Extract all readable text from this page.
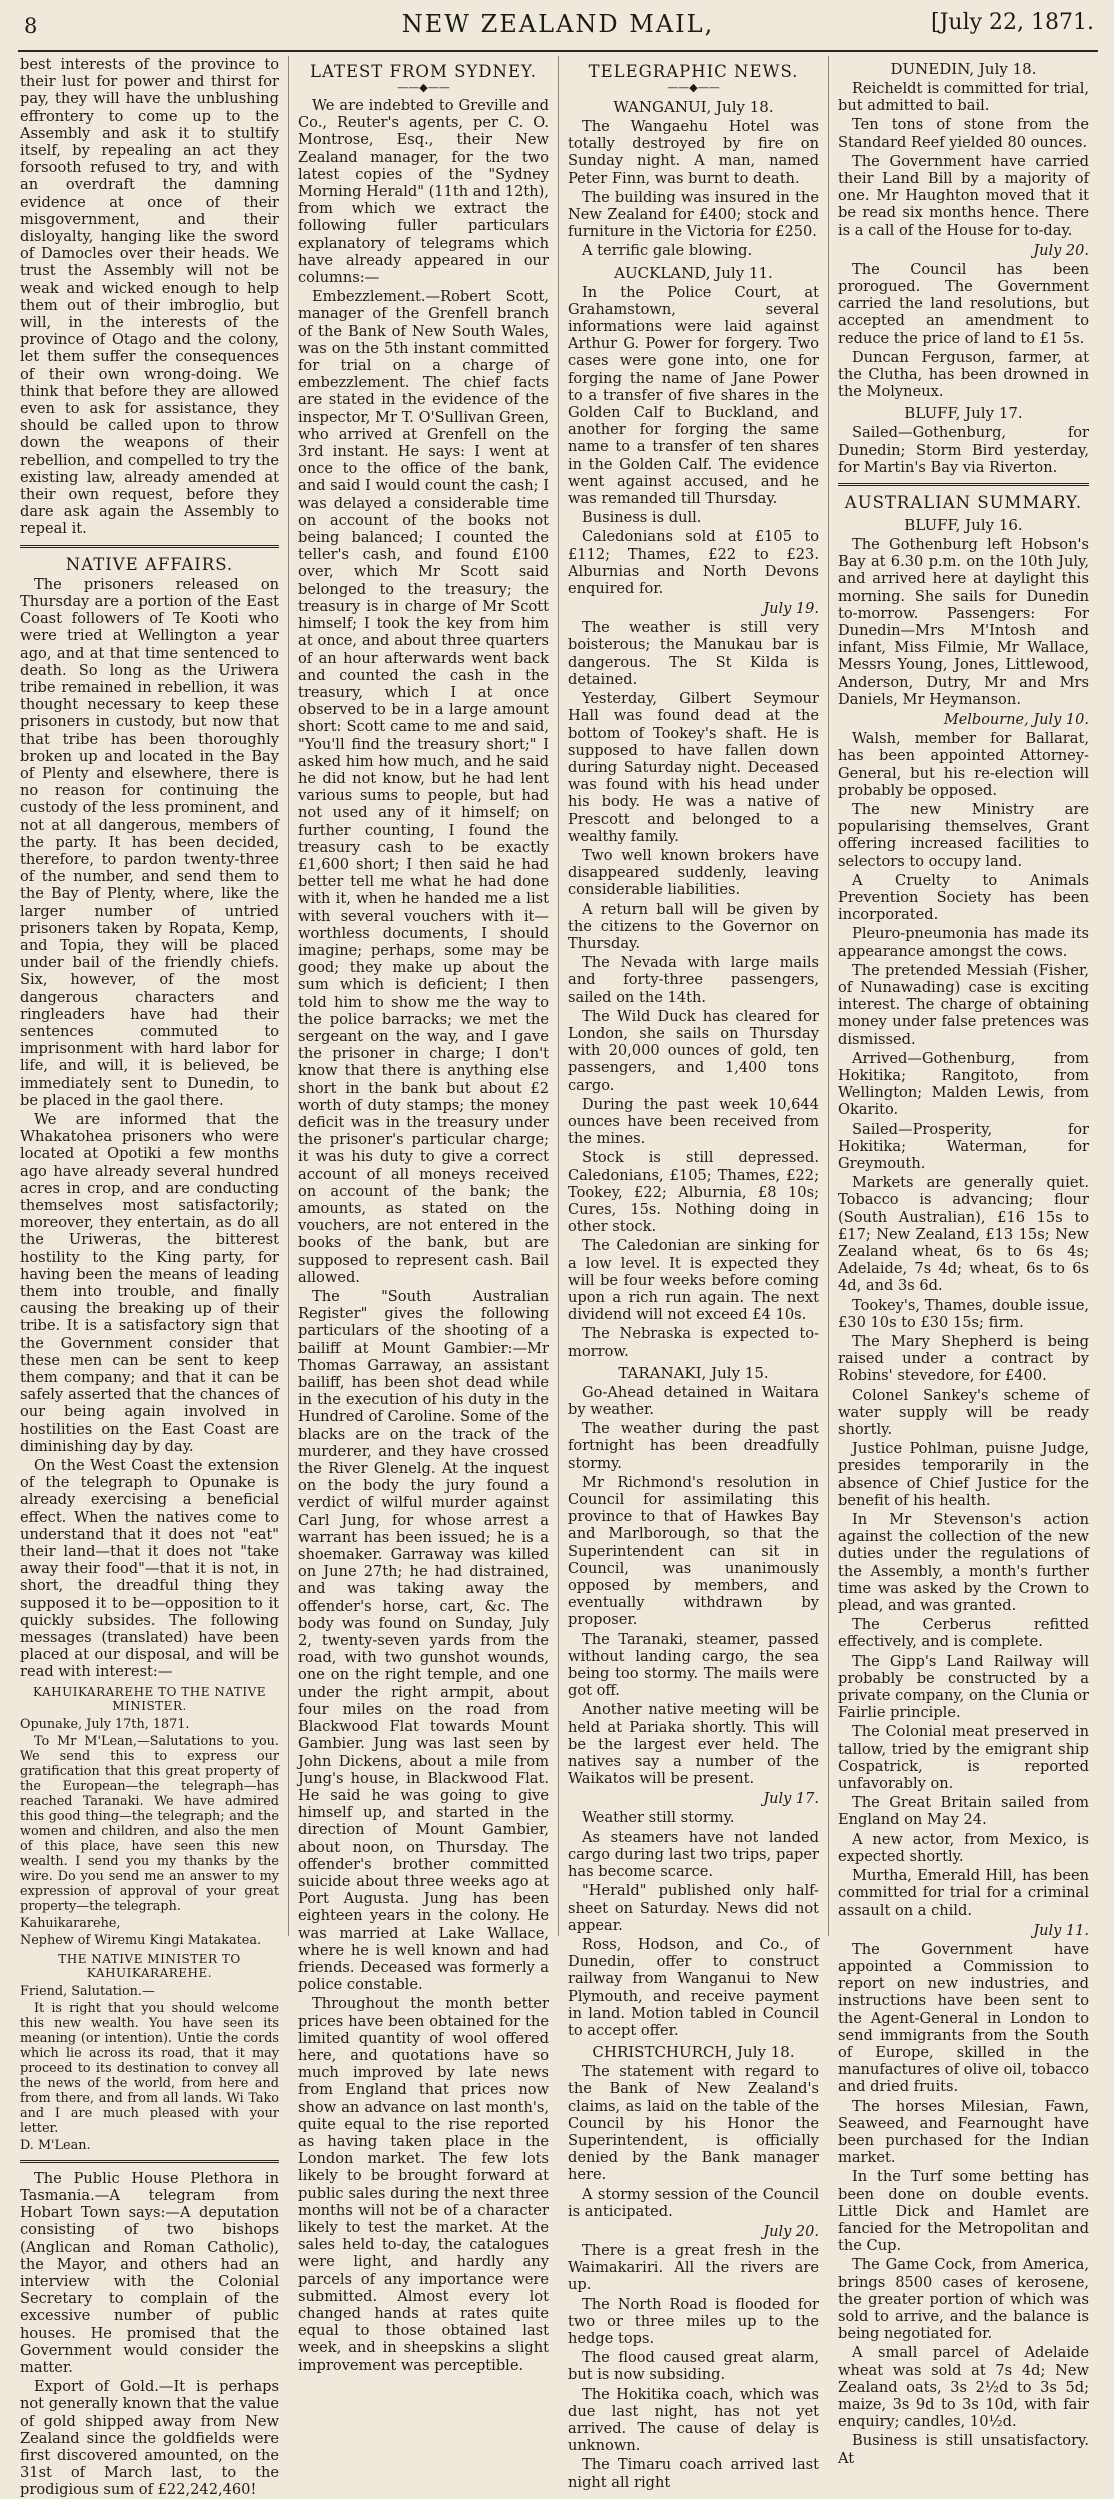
8	NEW ZEALAND MAIL,	[July 22, 1871.

best interests of the province to their lust for power and thirst for pay, they will have the unblushing effrontery to come up to the Assembly and ask it to stultify itself, by repealing an act they forsooth refused to try, and with an overdraft the damning evidence at once of their misgovernment, and their disloyalty, hanging like the sword of Damocles over their heads. We trust the Assembly will not be weak and wicked enough to help them out of their imbroglio, but will, in the interests of the province of Otago and the colony, let them suffer the consequences of their own wrong-doing. We think that before they are allowed even to ask for assistance, they should be called upon to throw down the weapons of their rebellion, and compelled to try the existing law, already amended at their own request, before they dare ask again the Assembly to repeal it.

NATIVE AFFAIRS.

The prisoners released on Thursday are a portion of the East Coast followers of Te Kooti who were tried at Wellington a year ago, and at that time sentenced to death. So long as the Uriwera tribe remained in rebellion, it was thought necessary to keep these prisoners in custody, but now that that tribe has been thoroughly broken up and located in the Bay of Plenty and elsewhere, there is no reason for continuing the custody of the less prominent, and not at all dangerous, members of the party. It has been decided, therefore, to pardon twenty-three of the number, and send them to the Bay of Plenty, where, like the larger number of untried prisoners taken by Ropata, Kemp, and Topia, they will be placed under bail of the friendly chiefs. Six, however, of the most dangerous characters and ringleaders have had their sentences commuted to imprisonment with hard labor for life, and will, it is believed, be immediately sent to Dunedin, to be placed in the gaol there.

We are informed that the Whakatohea prisoners who were located at Opotiki a few months ago have already several hundred acres in crop, and are conducting themselves most satisfactorily; moreover, they entertain, as do all the Uriweras, the bitterest hostility to the King party, for having been the means of leading them into trouble, and finally causing the breaking up of their tribe. It is a satisfactory sign that the Government consider that these men can be sent to keep them company; and that it can be safely asserted that the chances of our being again involved in hostilities on the East Coast are diminishing day by day.

On the West Coast the extension of the telegraph to Opunake is already exercising a beneficial effect. When the natives come to understand that it does not "eat" their land—that it does not "take away their food"—that it is not, in short, the dreadful thing they supposed it to be—opposition to it quickly subsides. The following messages (translated) have been placed at our disposal, and will be read with interest:—

KAHUIKARAREHE TO THE NATIVE MINISTER.

Opunake, July 17th, 1871.

To Mr M'Lean,—Salutations to you. We send this to express our gratification that this great property of the European—the telegraph—has reached Taranaki. We have admired this good thing—the telegraph; and the women and children, and also the men of this place, have seen this new wealth. I send you my thanks by the wire. Do you send me an answer to my expression of approval of your great property—the telegraph.

Kahuikararehe,

Nephew of Wiremu Kingi Matakatea.

THE NATIVE MINISTER TO KAHUIKARAREHE.

Friend, Salutation.—

It is right that you should welcome this new wealth. You have seen its meaning (or intention). Untie the cords which lie across its road, that it may proceed to its destination to convey all the news of the world, from here and from there, and from all lands. Wi Tako and I are much pleased with your letter.

D. M'Lean.

The Public House Plethora in Tasmania.—A telegram from Hobart Town says:—A deputation consisting of two bishops (Anglican and Roman Catholic), the Mayor, and others had an interview with the Colonial Secretary to complain of the excessive number of public houses. He promised that the Government would consider the matter.

Export of Gold.—It is perhaps not generally known that the value of gold shipped away from New Zealand since the goldfields were first discovered amounted, on the 31st of March last, to the prodigious sum of £22,242,460!

LATEST FROM SYDNEY.
——◆——

We are indebted to Greville and Co., Reuter's agents, per C. O. Montrose, Esq., their New Zealand manager, for the two latest copies of the "Sydney Morning Herald" (11th and 12th), from which we extract the following fuller particulars explanatory of telegrams which have already appeared in our columns:—

Embezzlement.—Robert Scott, manager of the Grenfell branch of the Bank of New South Wales, was on the 5th instant committed for trial on a charge of embezzlement. The chief facts are stated in the evidence of the inspector, Mr T. O'Sullivan Green, who arrived at Grenfell on the 3rd instant. He says: I went at once to the office of the bank, and said I would count the cash; I was delayed a considerable time on account of the books not being balanced; I counted the teller's cash, and found £100 over, which Mr Scott said belonged to the treasury; the treasury is in charge of Mr Scott himself; I took the key from him at once, and about three quarters of an hour afterwards went back and counted the cash in the treasury, which I at once observed to be in a large amount short: Scott came to me and said, "You'll find the treasury short;" I asked him how much, and he said he did not know, but he had lent various sums to people, but had not used any of it himself; on further counting, I found the treasury cash to be exactly £1,600 short; I then said he had better tell me what he had done with it, when he handed me a list with several vouchers with it—worthless documents, I should imagine; perhaps, some may be good; they make up about the sum which is deficient; I then told him to show me the way to the police barracks; we met the sergeant on the way, and I gave the prisoner in charge; I don't know that there is anything else short in the bank but about £2 worth of duty stamps; the money deficit was in the treasury under the prisoner's particular charge; it was his duty to give a correct account of all moneys received on account of the bank; the amounts, as stated on the vouchers, are not entered in the books of the bank, but are supposed to represent cash. Bail allowed.

The "South Australian Register" gives the following particulars of the shooting of a bailiff at Mount Gambier:—Mr Thomas Garraway, an assistant bailiff, has been shot dead while in the execution of his duty in the Hundred of Caroline. Some of the blacks are on the track of the murderer, and they have crossed the River Glenelg. At the inquest on the body the jury found a verdict of wilful murder against Carl Jung, for whose arrest a warrant has been issued; he is a shoemaker. Garraway was killed on June 27th; he had distrained, and was taking away the offender's horse, cart, &c. The body was found on Sunday, July 2, twenty-seven yards from the road, with two gunshot wounds, one on the right temple, and one under the right armpit, about four miles on the road from Blackwood Flat towards Mount Gambier. Jung was last seen by John Dickens, about a mile from Jung's house, in Blackwood Flat. He said he was going to give himself up, and started in the direction of Mount Gambier, about noon, on Thursday. The offender's brother committed suicide about three weeks ago at Port Augusta. Jung has been eighteen years in the colony. He was married at Lake Wallace, where he is well known and had friends. Deceased was formerly a police constable.

Throughout the month better prices have been obtained for the limited quantity of wool offered here, and quotations have so much improved by late news from England that prices now show an advance on last month's, quite equal to the rise reported as having taken place in the London market. The few lots likely to be brought forward at public sales during the next three months will not be of a character likely to test the market. At the sales held to-day, the catalogues were light, and hardly any parcels of any importance were submitted. Almost every lot changed hands at rates quite equal to those obtained last week, and in sheepskins a slight improvement was perceptible.

TELEGRAPHIC NEWS.
——◆——
WANGANUI, July 18.

The Wangaehu Hotel was totally destroyed by fire on Sunday night. A man, named Peter Finn, was burnt to death.

The building was insured in the New Zealand for £400; stock and furniture in the Victoria for £250.

A terrific gale blowing.

AUCKLAND, July 11.

In the Police Court, at Grahamstown, several informations were laid against Arthur G. Power for forgery. Two cases were gone into, one for forging the name of Jane Power to a transfer of five shares in the Golden Calf to Buckland, and another for forging the same name to a transfer of ten shares in the Golden Calf. The evidence went against accused, and he was remanded till Thursday.

Business is dull.

Caledonians sold at £105 to £112; Thames, £22 to £23. Alburnias and North Devons enquired for.

July 19.

The weather is still very boisterous; the Manukau bar is dangerous. The St Kilda is detained.

Yesterday, Gilbert Seymour Hall was found dead at the bottom of Tookey's shaft. He is supposed to have fallen down during Saturday night. Deceased was found with his head under his body. He was a native of Prescott and belonged to a wealthy family.

Two well known brokers have disappeared suddenly, leaving considerable liabilities.

A return ball will be given by the citizens to the Governor on Thursday.

The Nevada with large mails and forty-three passengers, sailed on the 14th.

The Wild Duck has cleared for London, she sails on Thursday with 20,000 ounces of gold, ten passengers, and 1,400 tons cargo.

During the past week 10,644 ounces have been received from the mines.

Stock is still depressed. Caledonians, £105; Thames, £22; Tookey, £22; Alburnia, £8 10s; Cures, 15s. Nothing doing in other stock.

The Caledonian are sinking for a low level. It is expected they will be four weeks before coming upon a rich run again. The next dividend will not exceed £4 10s.

The Nebraska is expected to-morrow.

TARANAKI, July 15.

Go-Ahead detained in Waitara by weather.

The weather during the past fortnight has been dreadfully stormy.

Mr Richmond's resolution in Council for assimilating this province to that of Hawkes Bay and Marlborough, so that the Superintendent can sit in Council, was unanimously opposed by members, and eventually withdrawn by proposer.

The Taranaki, steamer, passed without landing cargo, the sea being too stormy. The mails were got off.

Another native meeting will be held at Pariaka shortly. This will be the largest ever held. The natives say a number of the Waikatos will be present.

July 17.

Weather still stormy.

As steamers have not landed cargo during last two trips, paper has become scarce.

"Herald" published only half-sheet on Saturday. News did not appear.

Ross, Hodson, and Co., of Dunedin, offer to construct railway from Wanganui to New Plymouth, and receive payment in land. Motion tabled in Council to accept offer.

CHRISTCHURCH, July 18.

The statement with regard to the Bank of New Zealand's claims, as laid on the table of the Council by his Honor the Superintendent, is officially denied by the Bank manager here.

A stormy session of the Council is anticipated.

July 20.

There is a great fresh in the Waimakariri. All the rivers are up.

The North Road is flooded for two or three miles up to the hedge tops.

The flood caused great alarm, but is now subsiding.

The Hokitika coach, which was due last night, has not yet arrived. The cause of delay is unknown.

The Timaru coach arrived last night all right

DUNEDIN, July 18.

Reicheldt is committed for trial, but admitted to bail.

Ten tons of stone from the Standard Reef yielded 80 ounces.

The Government have carried their Land Bill by a majority of one. Mr Haughton moved that it be read six months hence. There is a call of the House for to-day.

July 20.

The Council has been prorogued. The Government carried the land resolutions, but accepted an amendment to reduce the price of land to £1 5s.

Duncan Ferguson, farmer, at the Clutha, has been drowned in the Molyneux.

BLUFF, July 17.

Sailed—Gothenburg, for Dunedin; Storm Bird yesterday, for Martin's Bay via Riverton.

AUSTRALIAN SUMMARY.
BLUFF, July 16.

The Gothenburg left Hobson's Bay at 6.30 p.m. on the 10th July, and arrived here at daylight this morning. She sails for Dunedin to-morrow. Passengers: For Dunedin—Mrs M'Intosh and infant, Miss Filmie, Mr Wallace, Messrs Young, Jones, Littlewood, Anderson, Dutry, Mr and Mrs Daniels, Mr Heymanson.

Melbourne, July 10.

Walsh, member for Ballarat, has been appointed Attorney-General, but his re-election will probably be opposed.

The new Ministry are popularising themselves, Grant offering increased facilities to selectors to occupy land.

A Cruelty to Animals Prevention Society has been incorporated.

Pleuro-pneumonia has made its appearance amongst the cows.

The pretended Messiah (Fisher, of Nunawading) case is exciting interest. The charge of obtaining money under false pretences was dismissed.

Arrived—Gothenburg, from Hokitika; Rangitoto, from Wellington; Malden Lewis, from Okarito.

Sailed—Prosperity, for Hokitika; Waterman, for Greymouth.

Markets are generally quiet. Tobacco is advancing; flour (South Australian), £16 15s to £17; New Zealand, £13 15s; New Zealand wheat, 6s to 6s 4s; Adelaide, 7s 4d; wheat, 6s to 6s 4d, and 3s 6d.

Tookey's, Thames, double issue, £30 10s to £30 15s; firm.

The Mary Shepherd is being raised under a contract by Robins' stevedore, for £400.

Colonel Sankey's scheme of water supply will be ready shortly.

Justice Pohlman, puisne Judge, presides temporarily in the absence of Chief Justice for the benefit of his health.

In Mr Stevenson's action against the collection of the new duties under the regulations of the Assembly, a month's further time was asked by the Crown to plead, and was granted.

The Cerberus refitted effectively, and is complete.

The Gipp's Land Railway will probably be constructed by a private company, on the Clunia or Fairlie principle.

The Colonial meat preserved in tallow, tried by the emigrant ship Cospatrick, is reported unfavorably on.

The Great Britain sailed from England on May 24.

A new actor, from Mexico, is expected shortly.

Murtha, Emerald Hill, has been committed for trial for a criminal assault on a child.

July 11.

The Government have appointed a Commission to report on new industries, and instructions have been sent to the Agent-General in London to send immigrants from the South of Europe, skilled in the manufactures of olive oil, tobacco and dried fruits.

The horses Milesian, Fawn, Seaweed, and Fearnought have been purchased for the Indian market.

In the Turf some betting has been done on double events. Little Dick and Hamlet are fancied for the Metropolitan and the Cup.

The Game Cock, from America, brings 8500 cases of kerosene, the greater portion of which was sold to arrive, and the balance is being negotiated for.

A small parcel of Adelaide wheat was sold at 7s 4d; New Zealand oats, 3s 2½d to 3s 5d; maize, 3s 9d to 3s 10d, with fair enquiry; candles, 10½d.

Business is still unsatisfactory. At
